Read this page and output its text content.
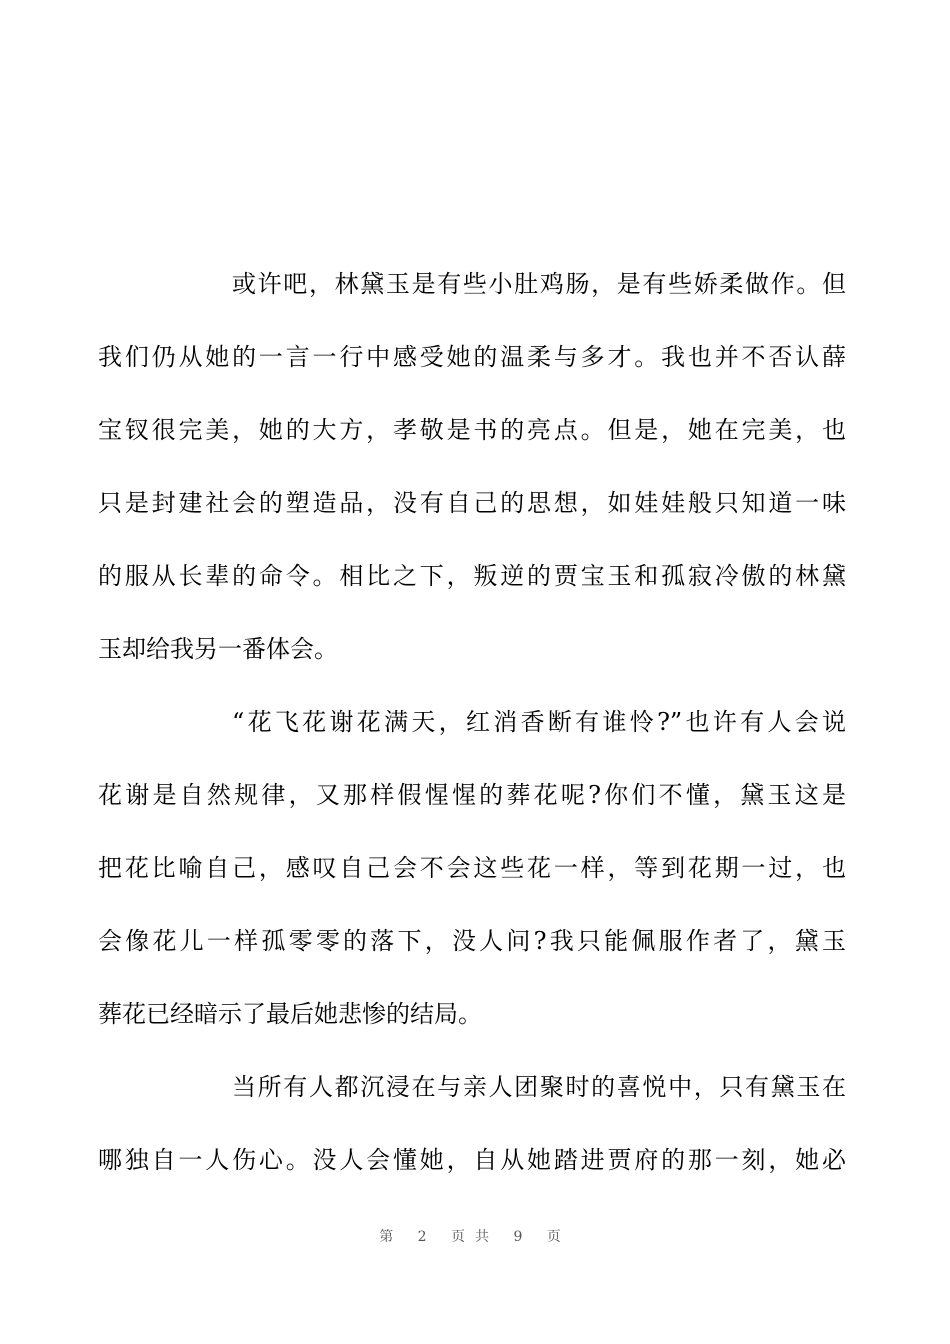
或许吧，林黛玉是有些小肚鸡肠，是有些娇柔做作。但
我们仍从她的一言一行中感受她的温柔与多才。我也并不否认薛
宝钗很完美，她的大方，孝敬是书的亮点。但是，她在完美，也
只是封建社会的塑造品，没有自己的思想，如娃娃般只知道一味
的服从长辈的命令。相比之下，叛逆的贾宝玉和孤寂冷傲的林黛
玉却给我另一番体会。
“花飞花谢花满天，红消香断有谁怜?”也许有人会说
花谢是自然规律，又那样假惺惺的葬花呢?你们不懂，黛玉这是
把花比喻自己，感叹自己会不会这些花一样，等到花期一过，也
会像花儿一样孤零零的落下，没人问?我只能佩服作者了，黛玉
葬花已经暗示了最后她悲惨的结局。
当所有人都沉浸在与亲人团聚时的喜悦中，只有黛玉在
哪独自一人伤心。没人会懂她，自从她踏进贾府的那一刻，她必
第 2 页共 9 页
